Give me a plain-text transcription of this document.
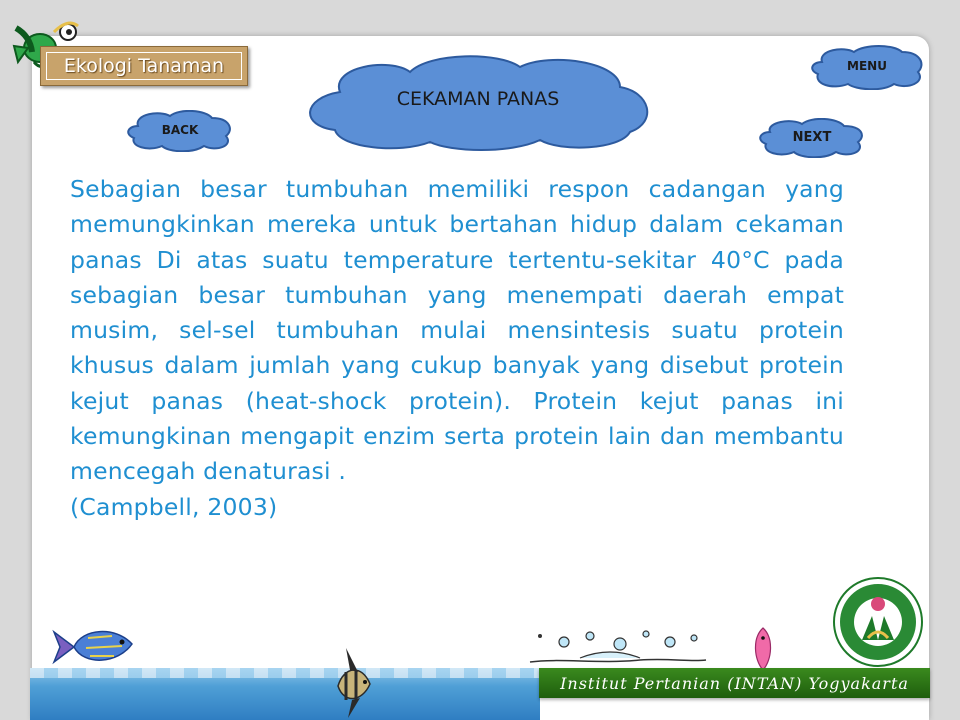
Ekologi Tanaman
CEKAMAN PANAS
MENU
BACK	NEXT
Sebagian besar tumbuhan memiliki respon cadangan yang memungkinkan mereka untuk bertahan hidup dalam cekaman panas Di atas suatu temperature tertentu-sekitar 40°C pada sebagian besar tumbuhan yang menempati daerah empat musim, sel-sel tumbuhan mulai mensintesis suatu protein khusus dalam jumlah yang cukup banyak yang disebut protein kejut panas (heat-shock protein). Protein kejut panas ini kemungkinan mengapit enzim serta protein lain dan membantu mencegah denaturasi .
(Campbell, 2003)
Institut Pertanian (INTAN) Yogyakarta
